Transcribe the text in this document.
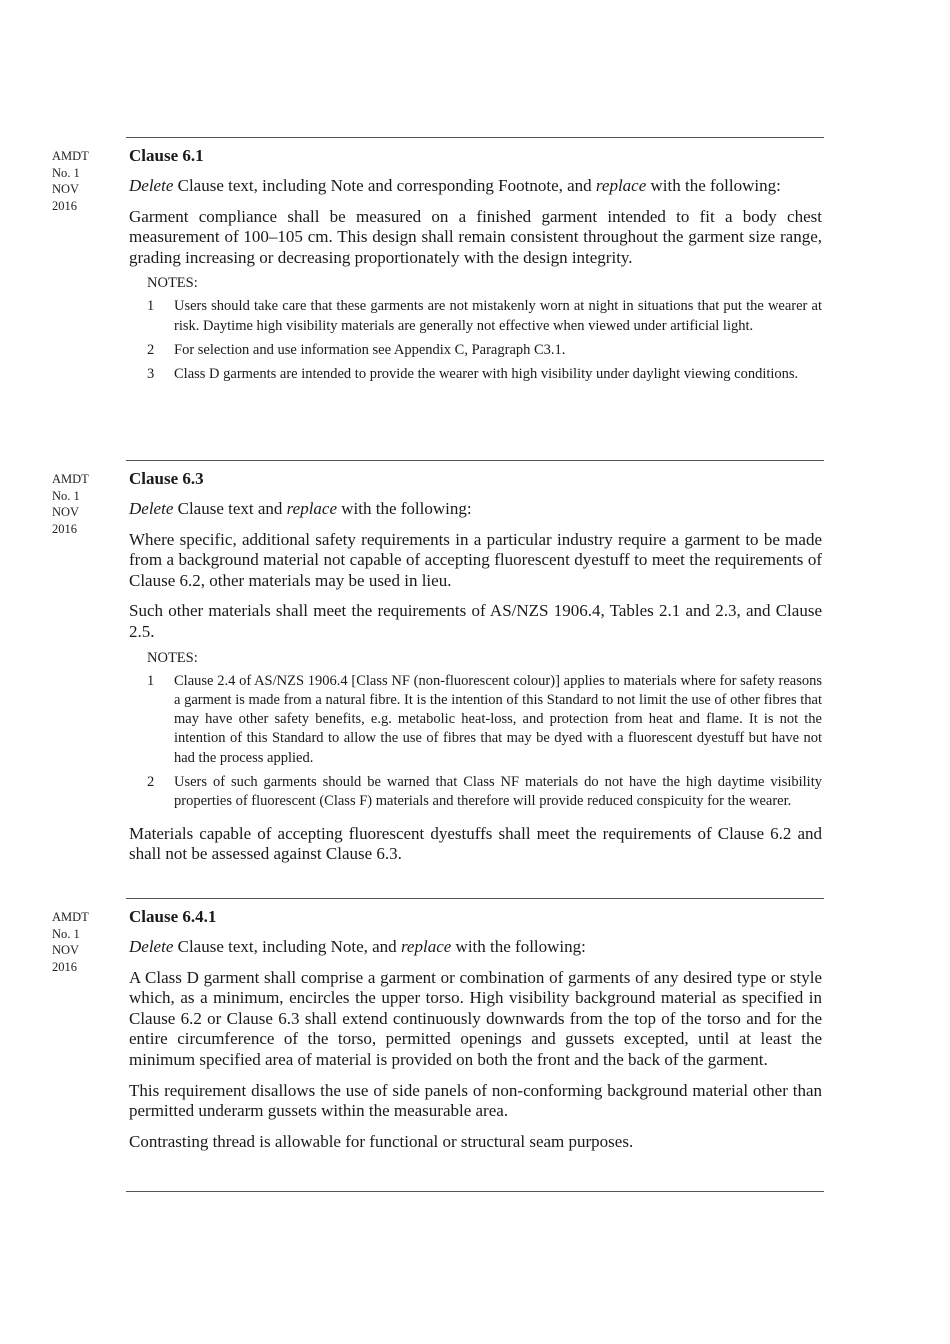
AMDT
No. 1
NOV
2016
Clause 6.1

Delete Clause text, including Note and corresponding Footnote, and replace with the following:

Garment compliance shall be measured on a finished garment intended to fit a body chest measurement of 100–105 cm. This design shall remain consistent throughout the garment size range, grading increasing or decreasing proportionately with the design integrity.

NOTES:
1	Users should take care that these garments are not mistakenly worn at night in situations that put the wearer at risk. Daytime high visibility materials are generally not effective when viewed under artificial light.
2	For selection and use information see Appendix C, Paragraph C3.1.
3	Class D garments are intended to provide the wearer with high visibility under daylight viewing conditions.
AMDT
No. 1
NOV
2016
Clause 6.3

Delete Clause text and replace with the following:

Where specific, additional safety requirements in a particular industry require a garment to be made from a background material not capable of accepting fluorescent dyestuff to meet the requirements of Clause 6.2, other materials may be used in lieu.

Such other materials shall meet the requirements of AS/NZS 1906.4, Tables 2.1 and 2.3, and Clause 2.5.

NOTES:
1	Clause 2.4 of AS/NZS 1906.4 [Class NF (non-fluorescent colour)] applies to materials where for safety reasons a garment is made from a natural fibre. It is the intention of this Standard to not limit the use of other fibres that may have other safety benefits, e.g. metabolic heat-loss, and protection from heat and flame. It is not the intention of this Standard to allow the use of fibres that may be dyed with a fluorescent dyestuff but have not had the process applied.
2	Users of such garments should be warned that Class NF materials do not have the high daytime visibility properties of fluorescent (Class F) materials and therefore will provide reduced conspicuity for the wearer.

Materials capable of accepting fluorescent dyestuffs shall meet the requirements of Clause 6.2 and shall not be assessed against Clause 6.3.

AMDT
No. 1
NOV
2016
Clause 6.4.1

Delete Clause text, including Note, and replace with the following:

A Class D garment shall comprise a garment or combination of garments of any desired type or style which, as a minimum, encircles the upper torso. High visibility background material as specified in Clause 6.2 or Clause 6.3 shall extend continuously downwards from the top of the torso and for the entire circumference of the torso, permitted openings and gussets excepted, until at least the minimum specified area of material is provided on both the front and the back of the garment.

This requirement disallows the use of side panels of non-conforming background material other than permitted underarm gussets within the measurable area.

Contrasting thread is allowable for functional or structural seam purposes.
